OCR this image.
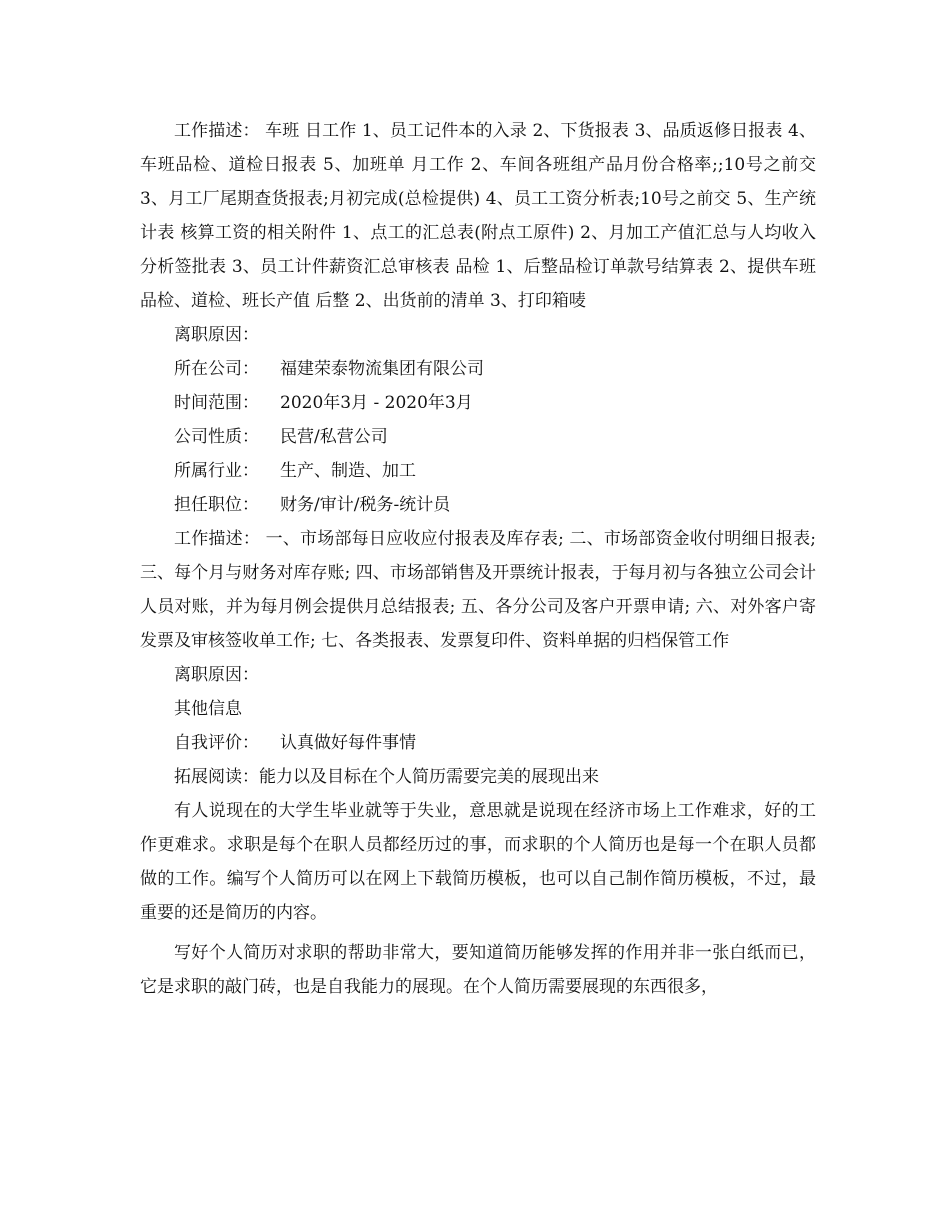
工作描述： 车班 日工作 1、员工记件本的入录 2、下货报表 3、品质返修日报表 4、车班品检、道检日报表 5、加班单 月工作 2、车间各班组产品月份合格率;;10号之前交 3、月工厂尾期查货报表;月初完成(总检提供) 4、员工工资分析表;10号之前交 5、生产统计表 核算工资的相关附件 1、点工的汇总表(附点工原件) 2、月加工产值汇总与人均收入分析签批表 3、员工计件薪资汇总审核表 品检 1、后整品检订单款号结算表 2、提供车班品检、道检、班长产值 后整 2、出货前的清单 3、打印箱唛

离职原因：

所在公司： 福建荣泰物流集团有限公司

时间范围： 2020年3月 - 2020年3月

公司性质： 民营/私营公司

所属行业： 生产、制造、加工

担任职位： 财务/审计/税务-统计员

工作描述： 一、市场部每日应收应付报表及库存表; 二、市场部资金收付明细日报表; 三、每个月与财务对库存账; 四、市场部销售及开票统计报表，于每月初与各独立公司会计人员对账，并为每月例会提供月总结报表; 五、各分公司及客户开票申请; 六、对外客户寄发票及审核签收单工作; 七、各类报表、发票复印件、资料单据的归档保管工作

离职原因：

其他信息

自我评价： 认真做好每件事情

拓展阅读：能力以及目标在个人简历需要完美的展现出来

有人说现在的大学生毕业就等于失业，意思就是说现在经济市场上工作难求，好的工作更难求。求职是每个在职人员都经历过的事，而求职的个人简历也是每一个在职人员都做的工作。编写个人简历可以在网上下载简历模板，也可以自己制作简历模板，不过，最重要的还是简历的内容。

写好个人简历对求职的帮助非常大，要知道简历能够发挥的作用并非一张白纸而已，它是求职的敲门砖，也是自我能力的展现。在个人简历需要展现的东西很多，
